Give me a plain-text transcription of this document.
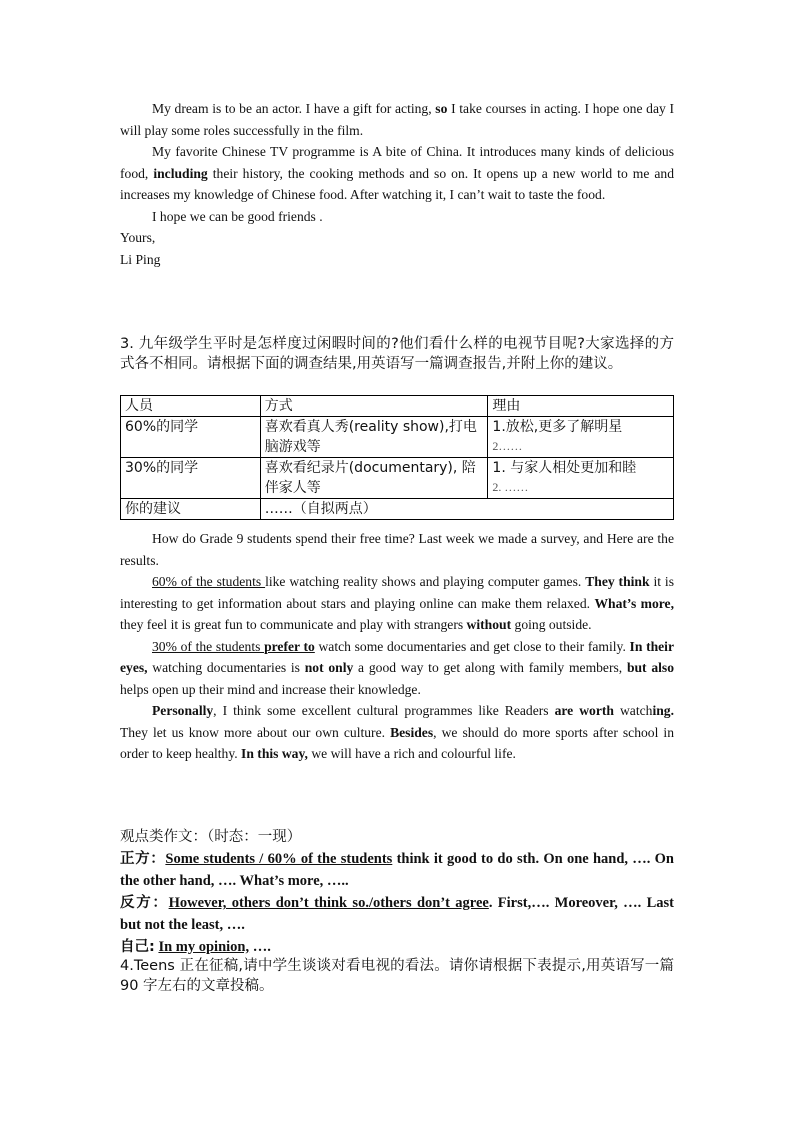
My dream is to be an actor. I have a gift for acting, so I take courses in acting. I hope one day I will play some roles successfully in the film.

My favorite Chinese TV programme is A bite of China. It introduces many kinds of delicious food, including their history, the cooking methods and so on. It opens up a new world to me and increases my knowledge of Chinese food. After watching it, I can’t wait to taste the food.

I hope we can be good friends .

Yours,

Li Ping

3. 九年级学生平时是怎样度过闲暇时间的?他们看什么样的电视节目呢?大家选择的方式各不相同。请根据下面的调查结果,用英语写一篇调查报告,并附上你的建议。

人员	方式	理由
60%的同学	喜欢看真人秀(reality show),打电脑游戏等	1.放松,更多了解明星
2……

30%的同学	喜欢看纪录片(documentary), 陪伴家人等	1. 与家人相处更加和睦
2. ……

你的建议	……（自拟两点）	

How do Grade 9 students spend their free time? Last week we made a survey, and Here are the results.

60% of the students like watching reality shows and playing computer games. They think it is interesting to get information about stars and playing online can make them relaxed. What’s more, they feel it is great fun to communicate and play with strangers without going outside.

30% of the students prefer to watch some documentaries and get close to their family. In their eyes, watching documentaries is not only a good way to get along with family members, but also helps open up their mind and increase their knowledge.

Personally, I think some excellent cultural programmes like Readers are worth watching. They let us know more about our own culture. Besides, we should do more sports after school in order to keep healthy. In this way, we will have a rich and colourful life.

观点类作文：（时态：一现）

正方：Some students / 60% of the students think it good to do sth. On one hand, …. On the other hand, …. What’s more, …..

反方：However, others don’t think so./others don’t agree. First,…. Moreover, …. Last but not the least, ….

自己: In my opinion, ….

4.Teens 正在征稿,请中学生谈谈对看电视的看法。请你请根据下表提示,用英语写一篇 90 字左右的文章投稿。
